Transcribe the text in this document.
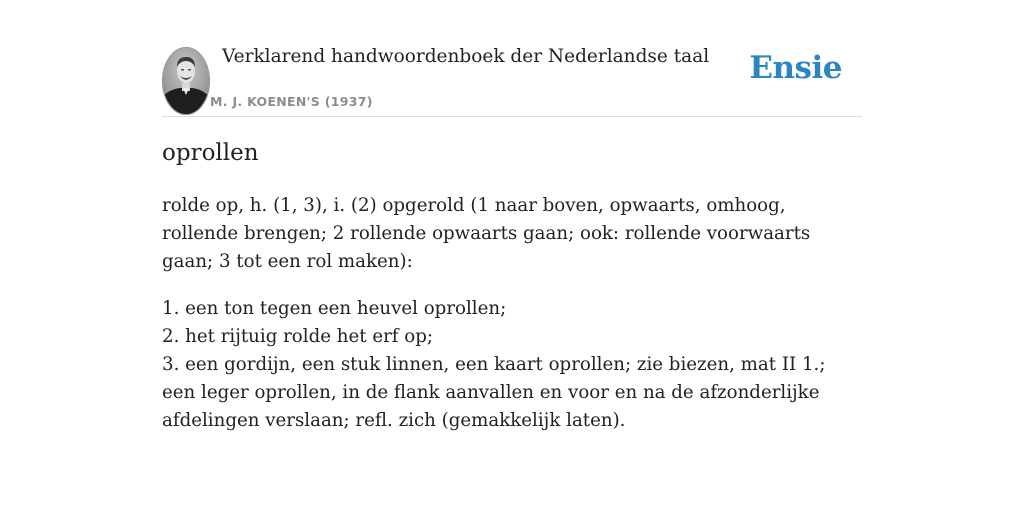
Verklarend handwoordenboek der Nederlandse taal
M. J. KOENEN'S (1937)
Ensie
oprollen

rolde op, h. (1, 3), i. (2) opgerold (1 naar boven, opwaarts, omhoog, rollende brengen; 2 rollende opwaarts gaan; ook: rollende voorwaarts gaan; 3 tot een rol maken):

1. een ton tegen een heuvel oprollen;
2. het rijtuig rolde het erf op;
3. een gordijn, een stuk linnen, een kaart oprollen; zie biezen, mat II 1.; een leger oprollen, in de flank aanvallen en voor en na de afzonderlijke afdelingen verslaan; refl. zich (gemakkelijk laten).
